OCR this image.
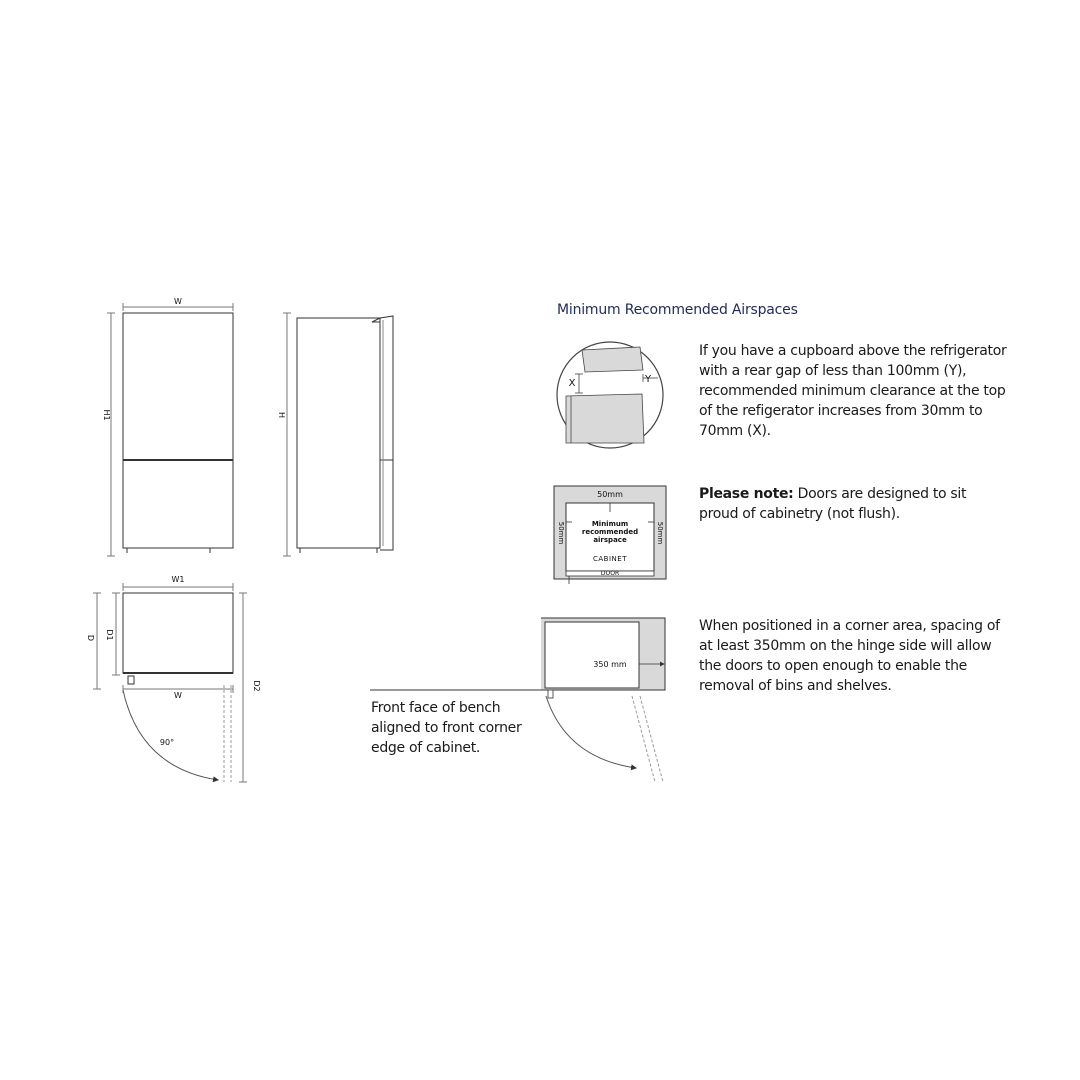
W
H1	H
W1
W
D D1
D2
90°
X	Y
50mm
50mm	50mm
Minimum
recommended
airspace
CABINET
DOOR
350 mm
Minimum Recommended Airspaces
If you have a cupboard above the refrigerator with a rear gap of less than 100mm (Y), recommended minimum clearance at the top of the refigerator increases from 30mm to 70mm (X).
Please note: Doors are designed to sit proud of cabinetry (not flush).
When positioned in a corner area, spacing of at least 350mm on the hinge side will allow the doors to open enough to enable the removal of bins and shelves.
Front face of bench aligned to front corner edge of cabinet.
